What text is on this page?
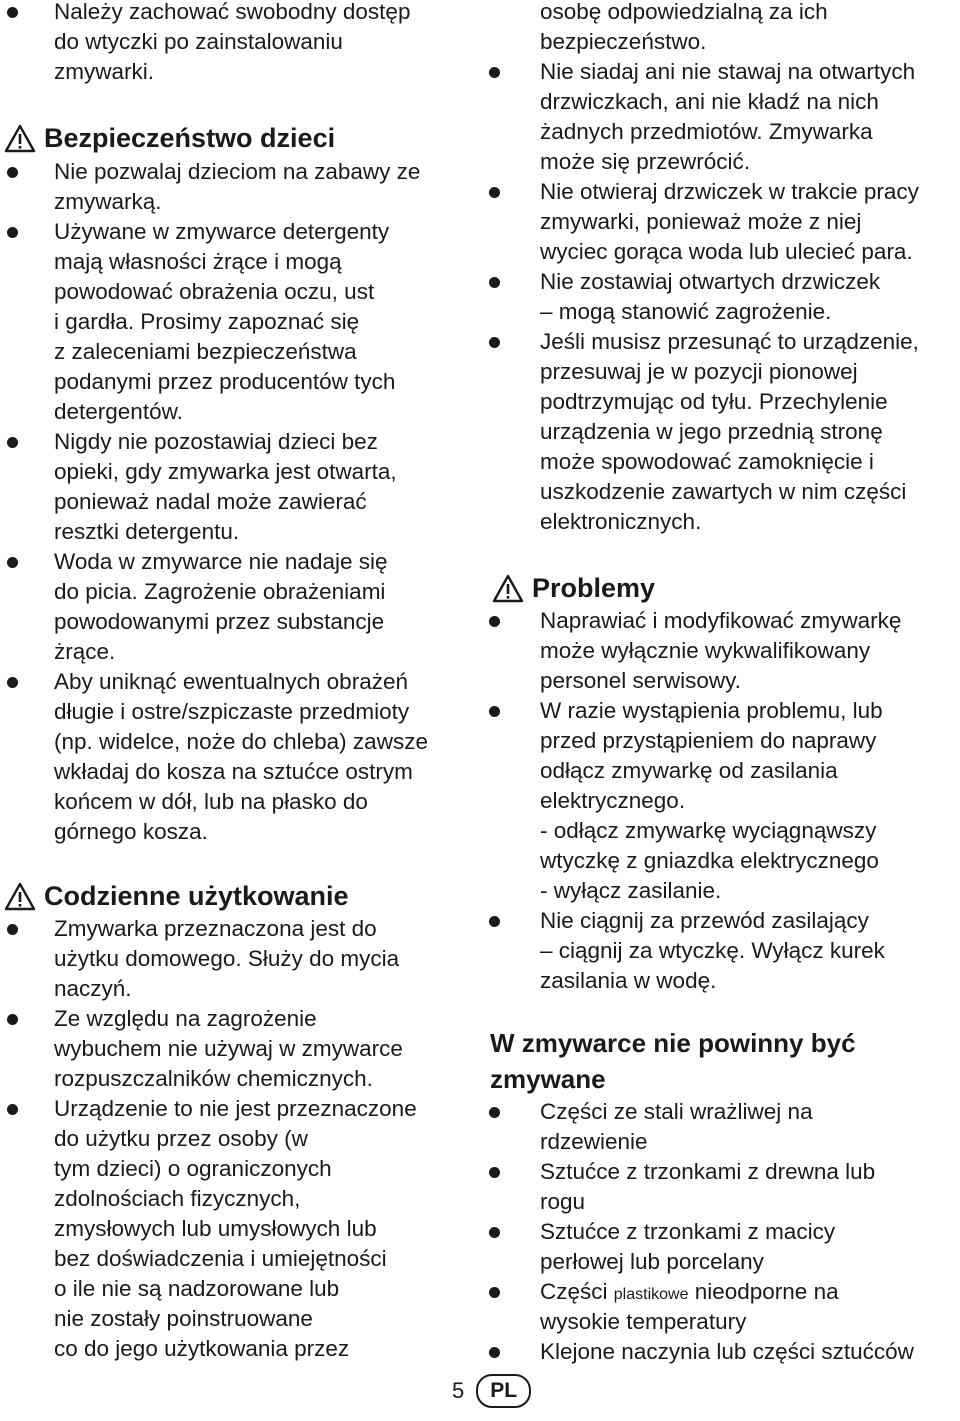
Należy zachować swobodny dostęp
do wtyczki po zainstalowaniu
zmywarki.
Bezpieczeństwo dzieci
Nie pozwalaj dzieciom na zabawy ze
zmywarką.
Używane w zmywarce detergenty
mają własności żrące i mogą
powodować obrażenia oczu, ust
i gardła. Prosimy zapoznać się
z zaleceniami bezpieczeństwa
podanymi przez producentów tych
detergentów.
Nigdy nie pozostawiaj dzieci bez
opieki, gdy zmywarka jest otwarta,
ponieważ nadal może zawierać
resztki detergentu.
Woda w zmywarce nie nadaje się
do picia. Zagrożenie obrażeniami
powodowanymi przez substancje
żrące.
Aby uniknąć ewentualnych obrażeń
długie i ostre/szpiczaste przedmioty
(np. widelce, noże do chleba) zawsze
wkładaj do kosza na sztućce ostrym
końcem w dół, lub na płasko do
górnego kosza.
Codzienne użytkowanie
Zmywarka przeznaczona jest do
użytku domowego. Służy do mycia
naczyń.
Ze względu na zagrożenie
wybuchem nie używaj w zmywarce
rozpuszczalników chemicznych.
Urządzenie to nie jest przeznaczone
do użytku przez osoby (w
tym dzieci) o ograniczonych
zdolnościach fizycznych,
zmysłowych lub umysłowych lub
bez doświadczenia i umiejętności
o ile nie są nadzorowane lub
nie zostały poinstruowane
co do jego użytkowania przez
osobę odpowiedzialną za ich
bezpieczeństwo.
Nie siadaj ani nie stawaj na otwartych
drzwiczkach, ani nie kładź na nich
żadnych przedmiotów. Zmywarka
może się przewrócić.
Nie otwieraj drzwiczek w trakcie pracy
zmywarki, ponieważ może z niej
wyciec gorąca woda lub ulecieć para.
Nie zostawiaj otwartych drzwiczek
– mogą stanowić zagrożenie.
Jeśli musisz przesunąć to urządzenie,
przesuwaj je w pozycji pionowej
podtrzymując od tyłu. Przechylenie
urządzenia w jego przednią stronę
może spowodować zamoknięcie i
uszkodzenie zawartych w nim części
elektronicznych.
Problemy
Naprawiać i modyfikować zmywarkę
może wyłącznie wykwalifikowany
personel serwisowy.
W razie wystąpienia problemu, lub
przed przystąpieniem do naprawy
odłącz zmywarkę od zasilania
elektrycznego.
- odłącz zmywarkę wyciągnąwszy
wtyczkę z gniazdka elektrycznego
- wyłącz zasilanie.
Nie ciągnij za przewód zasilający
– ciągnij za wtyczkę. Wyłącz kurek
zasilania w wodę.
W zmywarce nie powinny być
zmywane
Części ze stali wrażliwej na
rdzewienie
Sztućce z trzonkami z drewna lub
rogu
Sztućce z trzonkami z macicy
perłowej lub porcelany
Części plastikowe nieodporne na
wysokie temperatury
Klejone naczynia lub części sztućców
5	PL
